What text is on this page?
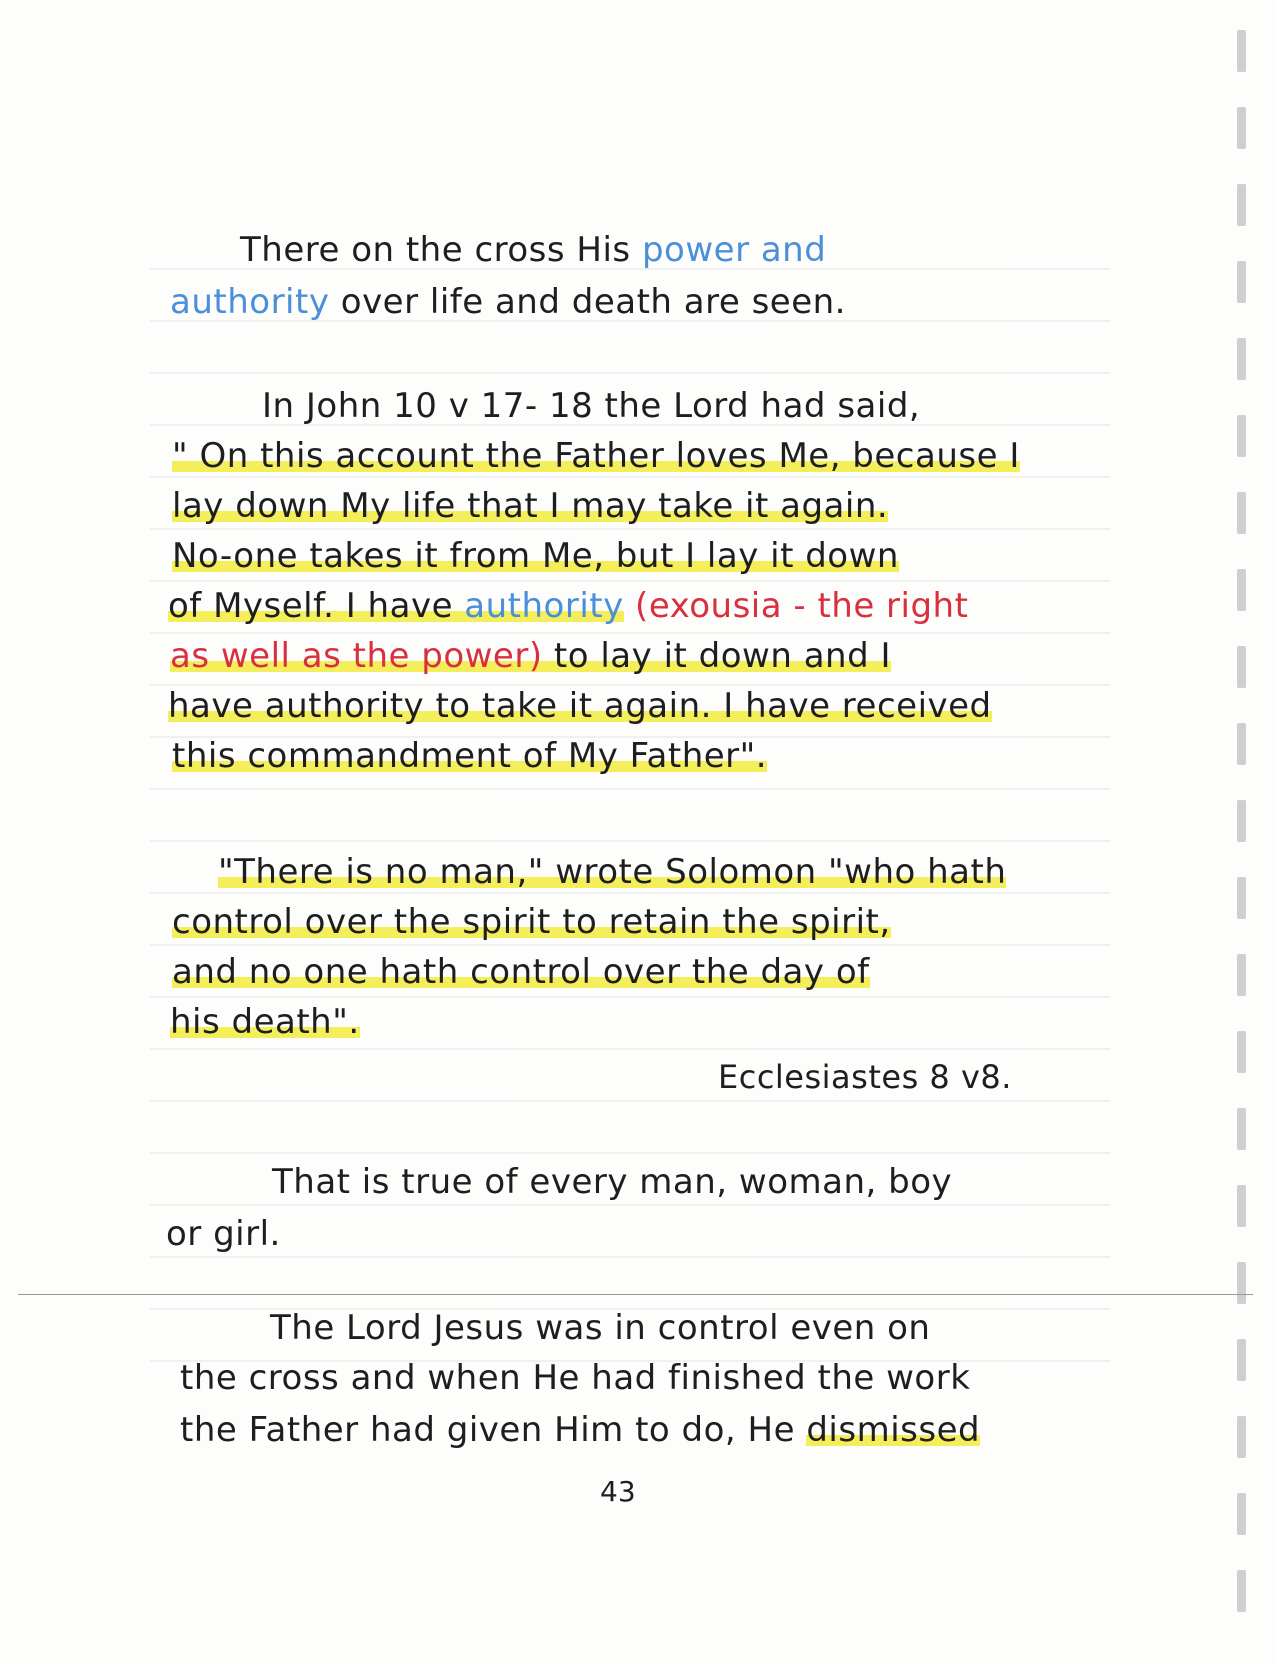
There on the cross His power and
authority over life and death are seen.
In John 10 v 17- 18 the Lord had said,
" On this account the Father loves Me, because I
lay down My life that I may take it again.
No-one takes it from Me, but I lay it down
of Myself. I have authority (exousia - the right
as well as the power) to lay it down and I
have authority to take it again. I have received
this commandment of My Father".
"There is no man," wrote Solomon "who hath
control over the spirit to retain the spirit,
and no one hath control over the day of
his death".
Ecclesiastes 8 v8.
That is true of every man, woman, boy
or girl.
The Lord Jesus was in control even on
the cross and when He had finished the work
the Father had given Him to do, He dismissed
43
